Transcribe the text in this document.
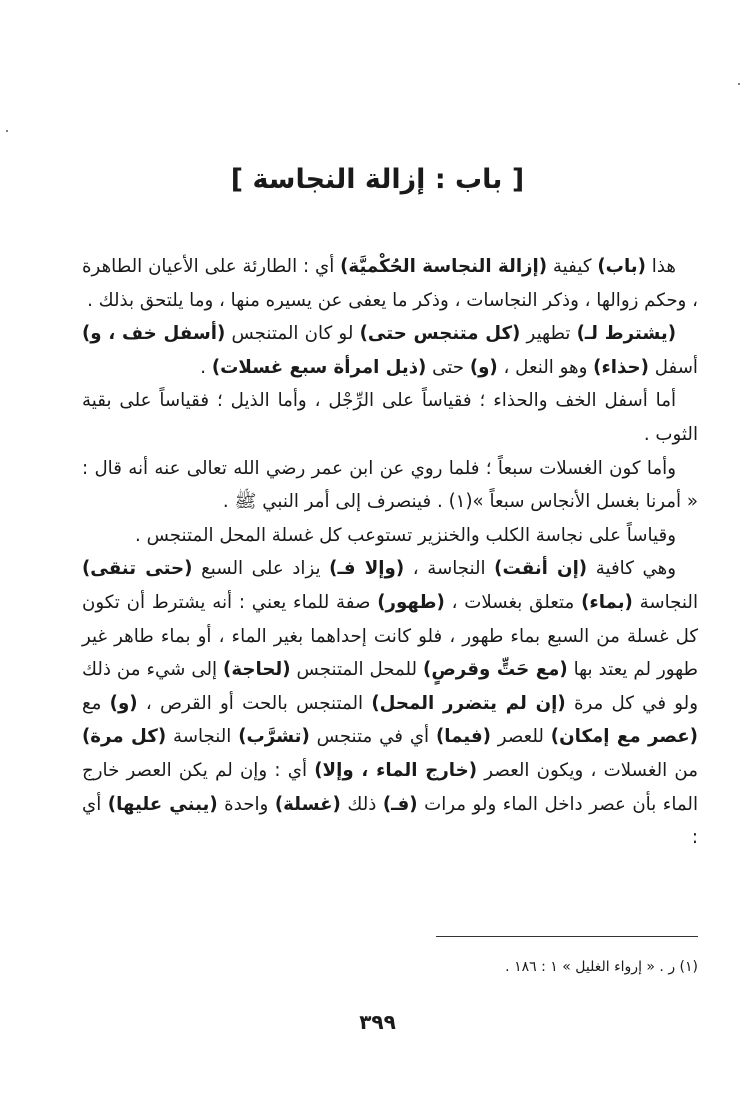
[ باب : إزالة النجاسة ]

هذا (باب) كيفية (إزالة النجاسة الحُكْميَّة) أي : الطارئة على الأعيان الطاهرة ، وحكم زوالها ، وذكر النجاسات ، وذكر ما يعفى عن يسيره منها ، وما يلتحق بذلك .

(يشترط لـ) تطهير (كل متنجس حتى) لو كان المتنجس (أسفل خف ، و) أسفل (حذاء) وهو النعل ، (و) حتى (ذيل امرأة سبع غسلات) .

أما أسفل الخف والحذاء ؛ فقياساً على الرِّجْل ، وأما الذيل ؛ فقياساً على بقية الثوب .

وأما كون الغسلات سبعاً ؛ فلما روي عن ابن عمر رضي الله تعالى عنه أنه قال : « أمرنا بغسل الأنجاس سبعاً »(١) . فينصرف إلى أمر النبي ﷺ .

وقياساً على نجاسة الكلب والخنزير تستوعب كل غسلة المحل المتنجس .

وهي كافية (إن أنقت) النجاسة ، (وإلا فـ) يزاد على السبع (حتى تنقى) النجاسة (بماء) متعلق بغسلات ، (طهور) صفة للماء يعني : أنه يشترط أن تكون كل غسلة من السبع بماء طهور ، فلو كانت إحداهما بغير الماء ، أو بماء طاهر غير طهور لم يعتد بها (مع حَتٍّ وقرصٍ) للمحل المتنجس (لحاجة) إلى شيء من ذلك ولو في كل مرة (إن لم يتضرر المحل) المتنجس بالحت أو القرص ، (و) مع (عصر مع إمكان) للعصر (فيما) أي في متنجس (تشرَّب) النجاسة (كل مرة) من الغسلات ، ويكون العصر (خارج الماء ، وإلا) أي : وإن لم يكن العصر خارج الماء بأن عصر داخل الماء ولو مرات (فـ) ذلك (غسلة) واحدة (يبني عليها) أي :

(١) ر . « إرواء الغليل » ١ : ١٨٦ .
٣٩٩
